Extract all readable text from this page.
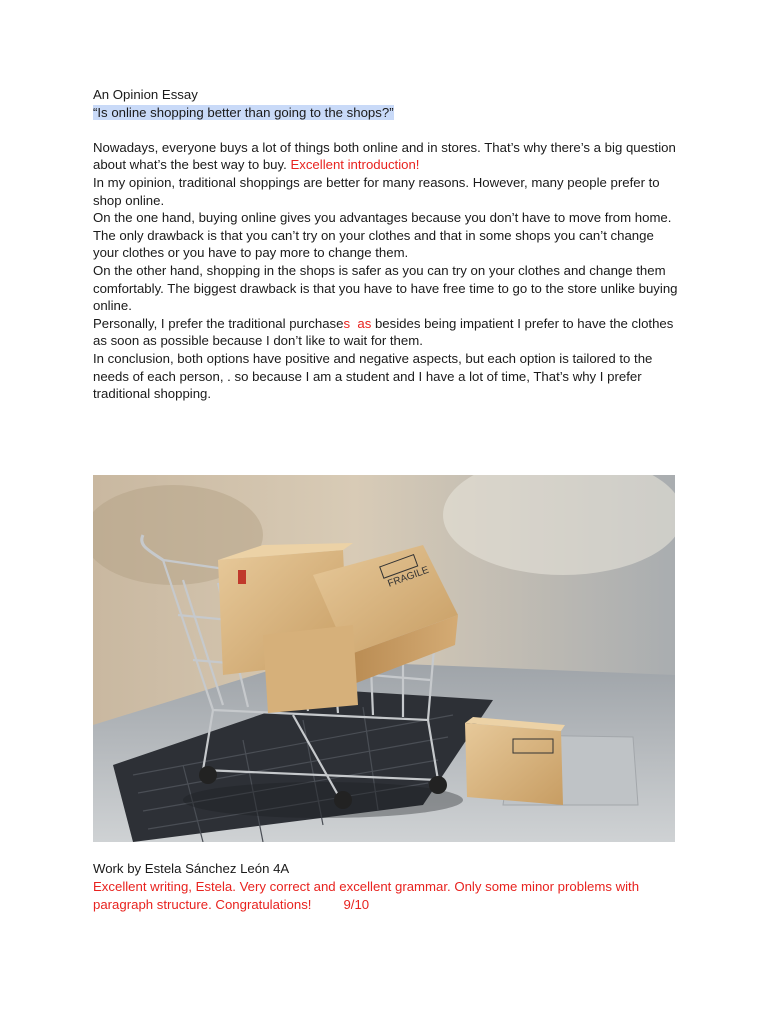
An Opinion Essay

“Is online shopping better than going to the shops?”

Nowadays, everyone buys a lot of things both online and in stores. That’s why there’s a big question about what’s the best way to buy. Excellent introduction!

In my opinion, traditional shoppings are better for many reasons. However, many people prefer to shop online.

On the one hand, buying online gives you advantages because you don’t have to move from home.

The only drawback is that you can’t try on your clothes and that in some shops you can’t change your clothes or you have to pay more to change them.

On the other hand, shopping in the shops is safer as you can try on your clothes and change them comfortably. The biggest drawback is that you have to have free time to go to the store unlike buying online.

Personally, I prefer the traditional purchases  as besides being impatient I prefer to have the clothes as soon as possible because I don’t like to wait for them.

In conclusion, both options have positive and negative aspects, but each option is tailored to the needs of each person, . so because I am a student and I have a lot of time, That’s why I prefer traditional shopping.

FRAGILE

Work by Estela Sánchez León 4A

Excellent writing, Estela. Very correct and excellent grammar. Only some minor problems with paragraph structure. Congratulations! 9/10
